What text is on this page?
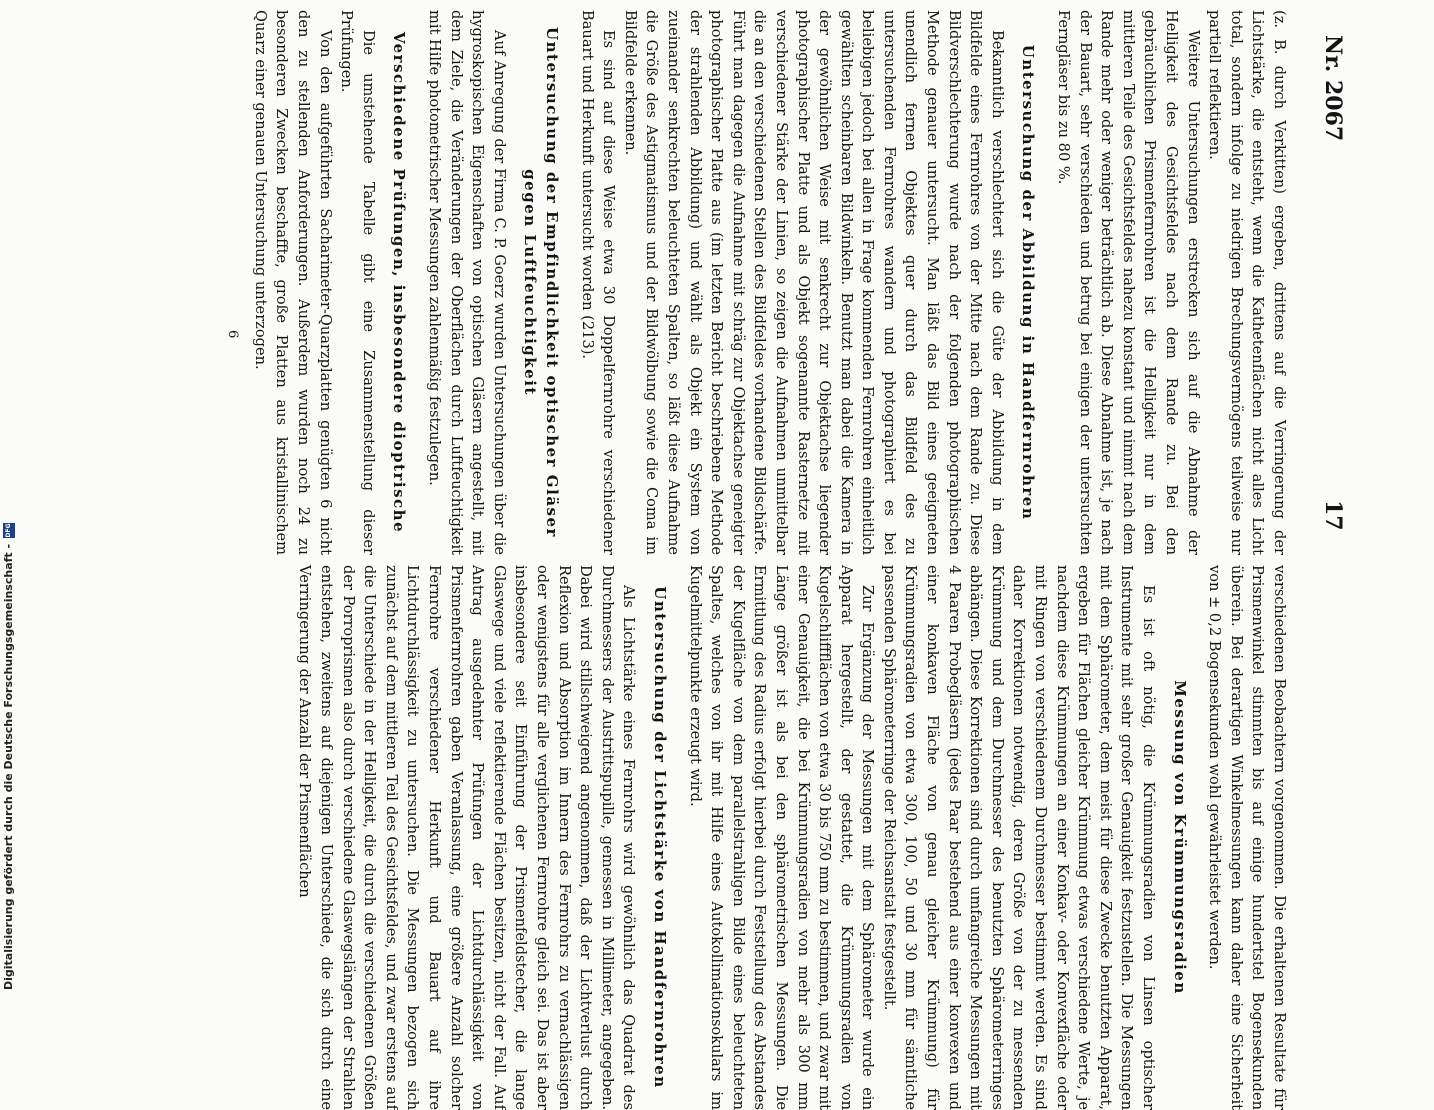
Nr. 2067
17

(z. B. durch Verkitten) ergeben, drittens auf die Verringerung der Lichtstärke, die entsteht, wenn die Kathetenflächen nicht alles Licht total, sondern infolge zu niedrigen Brechungsvermögens teilweise nur partiell reflektieren.

Weitere Untersuchungen erstrecken sich auf die Abnahme der Helligkeit des Gesichtsfeldes nach dem Rande zu. Bei den gebräuchlichen Prismenfernrohren ist die Helligkeit nur in dem mittleren Teile des Gesichtsfeldes nahezu konstant und nimmt nach dem Rande mehr oder weniger beträchtlich ab. Diese Abnahme ist, je nach der Bauart, sehr verschieden und betrug bei einigen der untersuchten Ferngläser bis zu 80 %.

Untersuchung der Abbildung in Handfernrohren

Bekanntlich verschlechtert sich die Güte der Abbildung in dem Bildfelde eines Fernrohres von der Mitte nach dem Rande zu. Diese Bildverschlechterung wurde nach der folgenden photographischen Methode genauer untersucht. Man läßt das Bild eines geeigneten unendlich fernen Objektes quer durch das Bildfeld des zu untersuchenden Fernrohres wandern und photographiert es bei beliebigen jedoch bei allen in Frage kommenden Fernrohren einheitlich gewählten scheinbaren Bildwinkeln. Benutzt man dabei die Kamera in der gewöhnlichen Weise mit senkrecht zur Objektachse liegender photographischer Platte und als Objekt sogenannte Rasternetze mit verschiedener Stärke der Linien, so zeigen die Aufnahmen unmittelbar die an den verschiedenen Stellen des Bildfeldes vorhandene Bildschärfe. Führt man dagegen die Aufnahme mit schräg zur Objektachse geneigter photographischer Platte aus (im letzten Bericht beschriebene Methode der strahlenden Abbildung) und wählt als Objekt ein System von zueinander senkrechten beleuchteten Spalten, so läßt diese Aufnahme die Größe des Astigmatismus und der Bildwölbung sowie die Coma im Bildfelde erkennen.

Es sind auf diese Weise etwa 30 Doppelfernrohre verschiedener Bauart und Herkunft untersucht worden (213).

Untersuchung der Empfindlichkeit optischer Gläser gegen Luftfeuchtigkeit

Auf Anregung der Firma C. P. Goerz wurden Untersuchungen über die hygroskopischen Eigenschaften von optischen Gläsern angestellt, mit dem Ziele, die Veränderungen der Oberflächen durch Luftfeuchtigkeit mit Hilfe photometrischer Messungen zahlenmäßig festzulegen.

Verschiedene Prüfungen, insbesondere dioptrische

Die umstehende Tabelle gibt eine Zusammenstellung dieser Prüfungen.

Von den aufgeführten Sacharimeter-Quarzplatten genügten 6 nicht den zu stellenden Anforderungen. Außerdem wurden noch 24 zu besonderen Zwecken beschaffte, große Platten aus kristallinischem Quarz einer genauen Untersuchung unterzogen.

verschiedenen Beobachtern vorgenommen. Die erhaltenen Resultate für Prismenwinkel stimmten bis auf einige hundertstel Bogensekunden überein. Bei derartigen Winkelmessungen kann daher eine Sicherheit von ± 0,2 Bogensekunden wohl gewährleistet werden.

Messung von Krümmungsradien

Es ist oft nötig, die Krümmungsradien von Linsen optischer Instrumente mit sehr großer Genauigkeit festzustellen. Die Messungen mit dem Sphärometer, dem meist für diese Zwecke benutzten Apparat, ergeben für Flächen gleicher Krümmung etwas verschiedene Werte, je nachdem diese Krümmungen an einer Konkav- oder Konvexfläche oder mit Ringen von verschiedenem Durchmesser bestimmt werden. Es sind daher Korrektionen notwendig, deren Größe von der zu messenden Krümmung und dem Durchmesser des benutzten Sphärometerringes abhängen. Diese Korrektionen sind durch umfangreiche Messungen mit 4 Paaren Probegläsern (jedes Paar bestehend aus einer konvexen und einer konkaven Fläche von genau gleicher Krümmung) für Krümmungsradien von etwa 300, 100, 50 und 30 mm für sämtliche passenden Sphärometerringe der Reichsanstalt festgestellt.

Zur Ergänzung der Messungen mit dem Sphärometer wurde ein Apparat hergestellt, der gestattet, die Krümmungsradien von Kugelschliffflächen von etwa 30 bis 750 mm zu bestimmen, und zwar mit einer Genauigkeit, die bei Krümmungsradien von mehr als 300 mm Länge größer ist als bei den sphärometrischen Messungen. Die Ermittlung des Radius erfolgt hierbei durch Feststellung des Abstandes der Kugelfläche von dem parallelstrahligen Bilde eines beleuchteten Spaltes, welches von ihr mit Hilfe eines Autokollimationsokulars im Kugelmittelpunkte erzeugt wird.

Untersuchung der Lichtstärke von Handfernrohren

Als Lichtstärke eines Fernrohrs wird gewöhnlich das Quadrat des Durchmessers der Austrittspupille, gemessen in Millimeter, angegeben. Dabei wird stillschweigend angenommen, daß der Lichtverlust durch Reflexion und Absorption im Innern des Fernrohrs zu vernachlässigen oder wenigstens für alle verglichenen Fernrohre gleich sei. Das ist aber insbesondere seit Einführung der Prismenfeldstecher, die lange Glaswege und viele reflektierende Flächen besitzen, nicht der Fall. Auf Antrag ausgedehnter Prüfungen der Lichtdurchlässigkeit von Prismenfernrohren gaben Veranlassung, eine größere Anzahl solcher Fernrohre verschiedener Herkunft und Bauart auf ihre Lichtdurchlässigkeit zu untersuchen. Die Messungen bezogen sich zunächst auf dem mittleren Teil des Gesichtsfeldes, und zwar erstens auf die Unterschiede in der Helligkeit, die durch die verschiedenen Größen der Porroprismen also durch verschiedene Glaswegslängen der Strahlen entstehen, zweitens auf diejenigen Unterschiede, die sich durch eine Verringerung der Anzahl der Prismenflächen

6
Digitalisierung gefördert durch die Deutsche Forschungsgemeinschaft -
DFG
